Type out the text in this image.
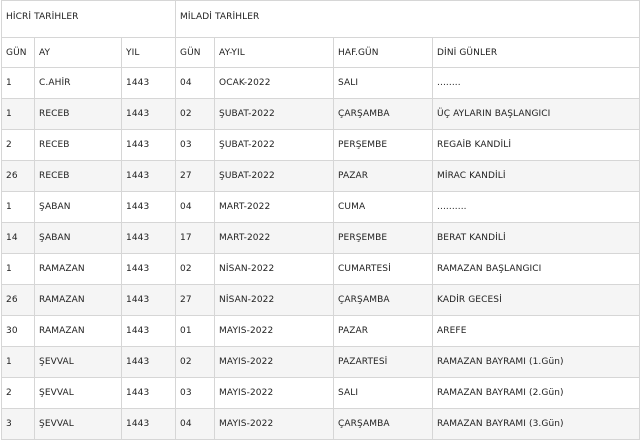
HİCRİ TARİHLER			MİLADİ TARİHLER			
GÜN	AY	YIL	GÜN	AY-YIL	HAF.GÜN	DİNİ GÜNLER
1	C.AHİR	1443	04	OCAK-2022	SALI	........
1	RECEB	1443	02	ŞUBAT-2022	ÇARŞAMBA	ÜÇ AYLARIN BAŞLANGICI
2	RECEB	1443	03	ŞUBAT-2022	PERŞEMBE	REGAİB KANDİLİ
26	RECEB	1443	27	ŞUBAT-2022	PAZAR	MİRAC KANDİLİ
1	ŞABAN	1443	04	MART-2022	CUMA	..........
14	ŞABAN	1443	17	MART-2022	PERŞEMBE	BERAT KANDİLİ
1	RAMAZAN	1443	02	NİSAN-2022	CUMARTESİ	RAMAZAN BAŞLANGICI
26	RAMAZAN	1443	27	NİSAN-2022	ÇARŞAMBA	KADİR GECESİ
30	RAMAZAN	1443	01	MAYIS-2022	PAZAR	AREFE
1	ŞEVVAL	1443	02	MAYIS-2022	PAZARTESİ	RAMAZAN BAYRAMI (1.Gün)
2	ŞEVVAL	1443	03	MAYIS-2022	SALI	RAMAZAN BAYRAMI (2.Gün)
3	ŞEVVAL	1443	04	MAYIS-2022	ÇARŞAMBA	RAMAZAN BAYRAMI (3.Gün)
